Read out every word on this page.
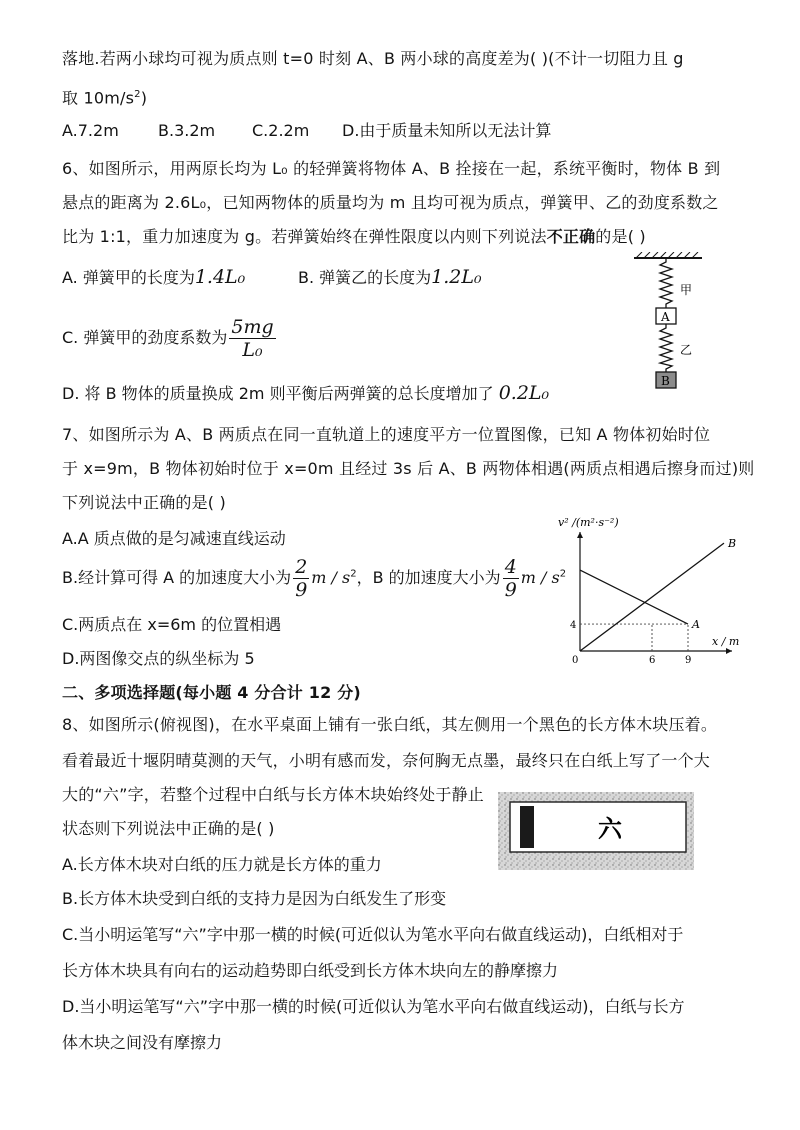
落地.若两小球均可视为质点则 t=0 时刻 A、B 两小球的高度差为( )(不计一切阻力且 g
取 $10m/s^2$)
A.7.2m B.3.2m C.2.2m D.由于质量未知所以无法计算
6、如图所示，用两原长均为 L₀ 的轻弹簧将物体 A、B 拴接在一起，系统平衡时，物体 B 到
悬点的距离为 2.6L₀，已知两物体的质量均为 m 且均可视为质点，弹簧甲、乙的劲度系数之
比为 1:1，重力加速度为 g。若弹簧始终在弹性限度以内则下列说法不正确的是( )
A. 弹簧甲的长度为1.4L₀	B. 弹簧乙的长度为1.2L₀
C. 弹簧甲的劲度系数为 $\frac{5mg}{\text{L₀}}$
D. 将 B 物体的质量换成 2m 则平衡后两弹簧的总长度增加了 0.2L₀
甲
A
乙
B
7、如图所示为 A、B 两质点在同一直轨道上的速度平方一位置图像，已知 A 物体初始时位
于 x=9m，B 物体初始时位于 x=0m 且经过 3s 后 A、B 两物体相遇(两质点相遇后擦身而过)则
下列说法中正确的是( )
A.A 质点做的是匀减速直线运动
B.经计算可得 A 的加速度大小为 $\frac{2}{9}$ m / $s^2$，B 的加速度大小为 $\frac{4}{9}$ m / $s^2$
C.两质点在 x=6m 的位置相遇
D.两图像交点的纵坐标为 5
v² /(m²·s⁻²)
x / m
A
B
0	6	9
4
二、多项选择题(每小题 4 分合计 12 分)
8、如图所示(俯视图)，在水平桌面上铺有一张白纸，其左侧用一个黑色的长方体木块压着。
看着最近十堰阴晴莫测的天气，小明有感而发，奈何胸无点墨，最终只在白纸上写了一个大
大的“六”字，若整个过程中白纸与长方体木块始终处于静止
状态则下列说法中正确的是( )
A.长方体木块对白纸的压力就是长方体的重力
B.长方体木块受到白纸的支持力是因为白纸发生了形变
C.当小明运笔写“六”字中那一横的时候(可近似认为笔水平向右做直线运动)，白纸相对于
长方体木块具有向右的运动趋势即白纸受到长方体木块向左的静摩擦力
D.当小明运笔写“六”字中那一横的时候(可近似认为笔水平向右做直线运动)，白纸与长方
体木块之间没有摩擦力
六
